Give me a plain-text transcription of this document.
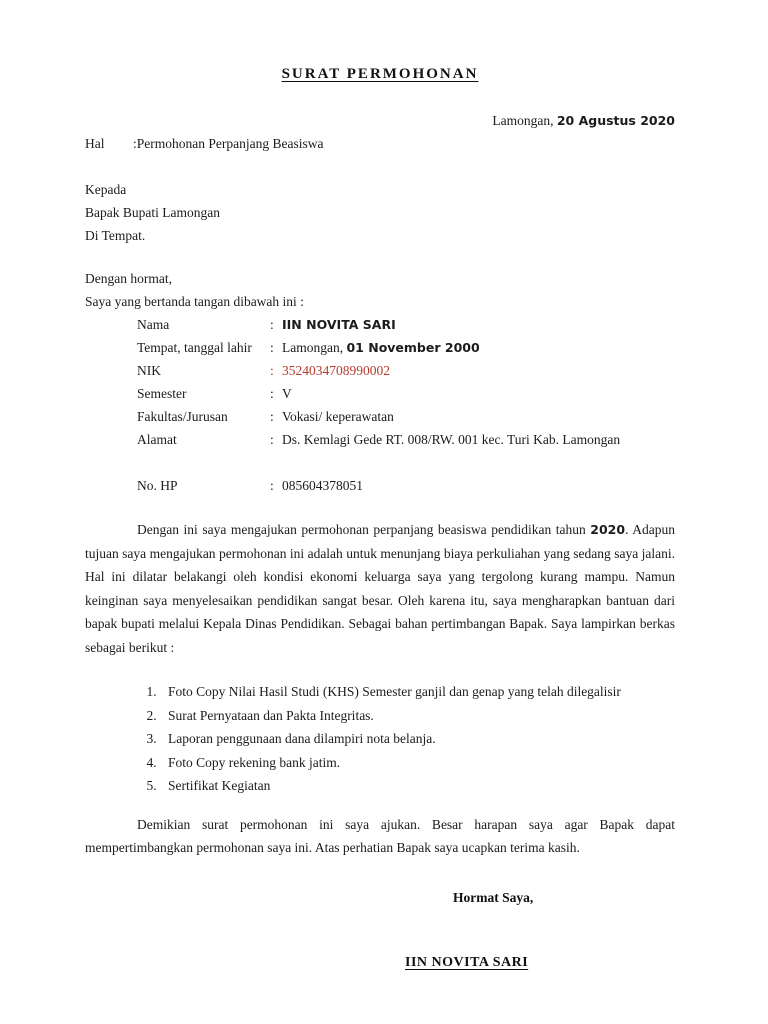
SURAT PERMOHONAN
Lamongan, 20 Agustus 2020
Hal	: Permohonan Perpanjang Beasiswa
Kepada
Bapak Bupati Lamongan
Di Tempat.
Dengan hormat,
Saya yang bertanda tangan dibawah ini :
Nama	: IIN NOVITA SARI
Tempat, tanggal lahir	: Lamongan, 01 November 2000
NIK	: 3524034708990002
Semester	: V
Fakultas/Jurusan	: Vokasi/ keperawatan
Alamat	: Ds. Kemlagi Gede RT. 008/RW. 001 kec. Turi Kab. Lamongan
No. HP	: 085604378051

Dengan ini saya mengajukan permohonan perpanjang beasiswa pendidikan tahun 2020. Adapun tujuan saya mengajukan permohonan ini adalah untuk menunjang biaya perkuliahan yang sedang saya jalani. Hal ini dilatar belakangi oleh kondisi ekonomi keluarga saya yang tergolong kurang mampu. Namun keinginan saya menyelesaikan pendidikan sangat besar. Oleh karena itu, saya mengharapkan bantuan dari bapak bupati melalui Kepala Dinas Pendidikan. Sebagai bahan pertimbangan Bapak. Saya lampirkan berkas sebagai berikut :

1. Foto Copy Nilai Hasil Studi (KHS) Semester ganjil dan genap yang telah dilegalisir
2. Surat Pernyataan dan Pakta Integritas.
3. Laporan penggunaan dana dilampiri nota belanja.
4. Foto Copy rekening bank jatim.
5. Sertifikat Kegiatan

Demikian surat permohonan ini saya ajukan. Besar harapan saya agar Bapak dapat mempertimbangkan permohonan saya ini. Atas perhatian Bapak saya ucapkan terima kasih.

Hormat Saya,
IIN NOVITA SARI
